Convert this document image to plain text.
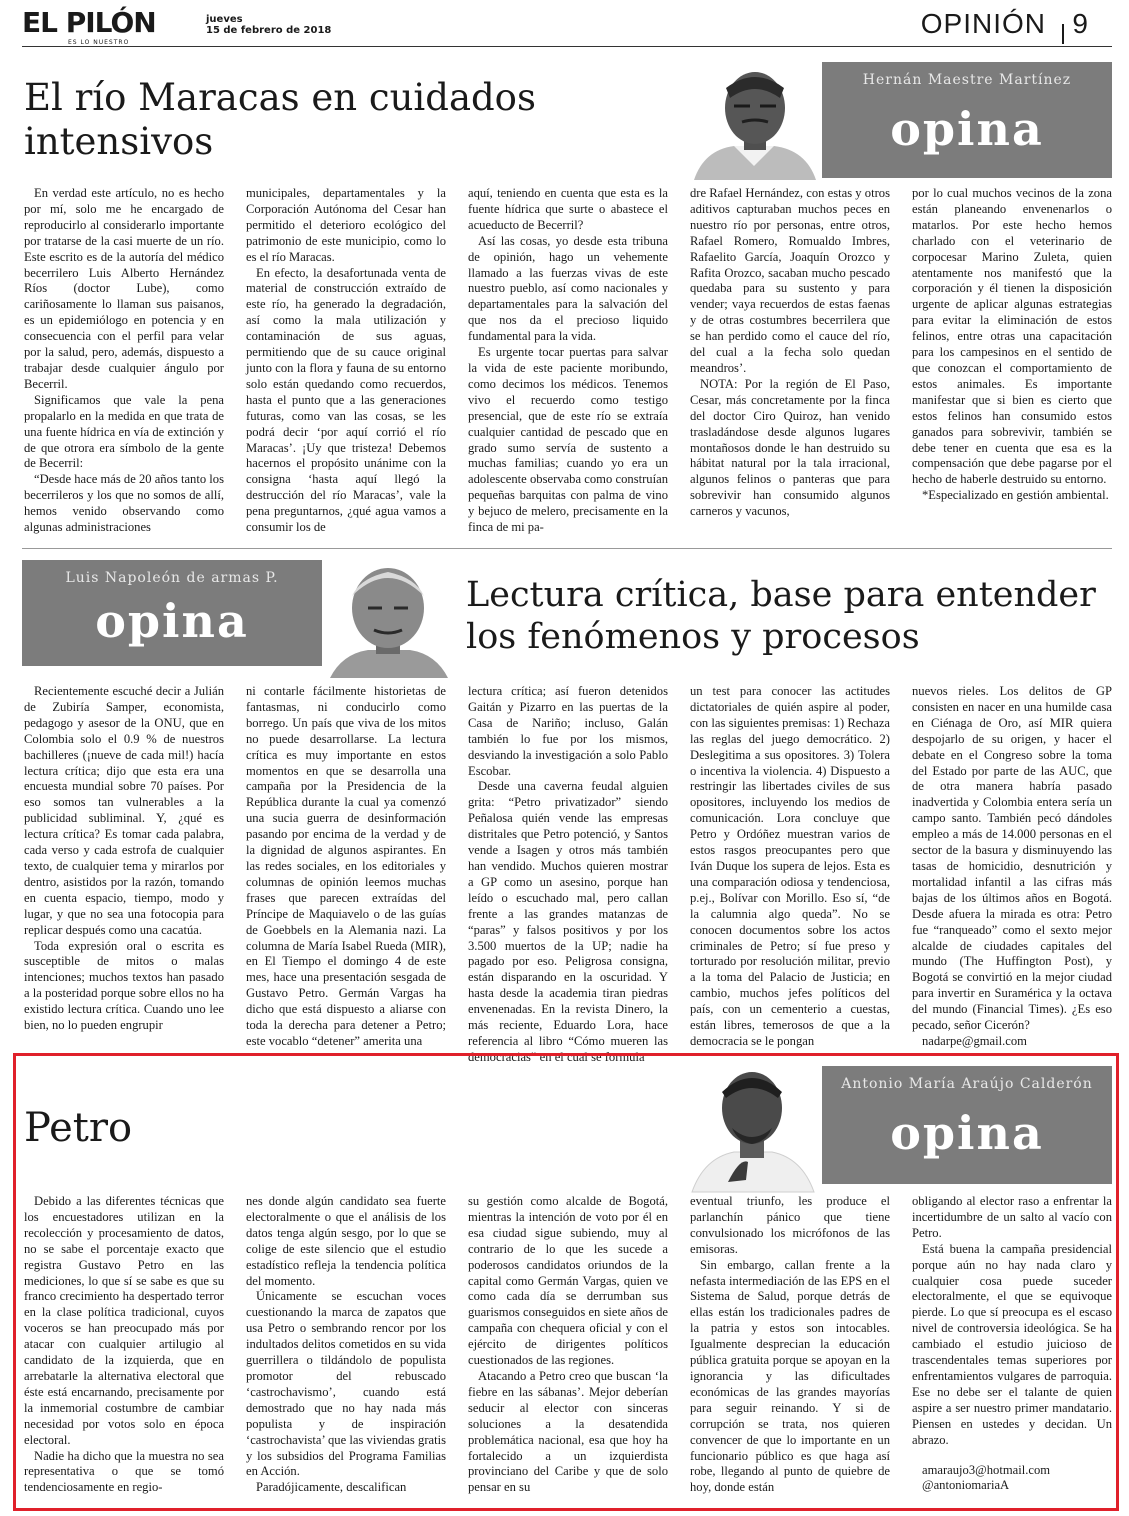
EL PILÓN
ES LO NUESTRO
jueves
15 de febrero de 2018	OPINIÓN 9
El río Maracas en cuidados intensivos
Hernán Maestre Martínez
opina

En verdad este artículo, no es hecho por mí, solo me he encargado de reproducirlo al considerarlo importante por tratarse de la casi muerte de un río. Este escrito es de la autoría del médico becerrilero Luis Alberto Hernández Ríos (doctor Lube), como cariñosamente lo llaman sus paisanos, es un epidemiólogo en potencia y en consecuencia con el perfil para velar por la salud, pero, además, dispuesto a trabajar desde cualquier ángulo por Becerril.

Significamos que vale la pena propalarlo en la medida en que trata de una fuente hídrica en vía de extinción y de que otrora era símbolo de la gente de Becerril:

“Desde hace más de 20 años tanto los becerrileros y los que no somos de allí, hemos venido observando como algunas administraciones

municipales, departamentales y la Corporación Autónoma del Cesar han permitido el deterioro ecológico del patrimonio de este municipio, como lo es el río Maracas.

En efecto, la desafortunada venta de material de construcción extraído de este río, ha generado la degradación, así como la mala utilización y contaminación de sus aguas, permitiendo que de su cauce original junto con la flora y fauna de su entorno solo están quedando como recuerdos, hasta el punto que a las generaciones futuras, como van las cosas, se les podrá decir ‘por aquí corrió el río Maracas’. ¡Uy que tristeza! Debemos hacernos el propósito unánime con la consigna ‘hasta aquí llegó la destrucción del río Maracas’, vale la pena preguntarnos, ¿qué agua vamos a consumir los de

aquí, teniendo en cuenta que esta es la fuente hídrica que surte o abastece el acueducto de Becerril?

Así las cosas, yo desde esta tribuna de opinión, hago un vehemente llamado a las fuerzas vivas de este nuestro pueblo, así como nacionales y departamentales para la salvación del que nos da el precioso liquido fundamental para la vida.

Es urgente tocar puertas para salvar la vida de este paciente moribundo, como decimos los médicos. Tenemos vivo el recuerdo como testigo presencial, que de este río se extraía cualquier cantidad de pescado que en grado sumo servía de sustento a muchas familias; cuando yo era un adolescente observaba como construían pequeñas barquitas con palma de vino y bejuco de melero, precisamente en la finca de mi pa-

dre Rafael Hernández, con estas y otros aditivos capturaban muchos peces en nuestro río por personas, entre otros, Rafael Romero, Romualdo Imbres, Rafaelito García, Joaquín Orozco y Rafita Orozco, sacaban mucho pescado quedaba para su sustento y para vender; vaya recuerdos de estas faenas y de otras costumbres becerrilera que se han perdido como el cauce del río, del cual a la fecha solo quedan meandros’.

NOTA: Por la región de El Paso, Cesar, más concretamente por la finca del doctor Ciro Quiroz, han venido trasladándose desde algunos lugares montañosos donde le han destruido su hábitat natural por la tala irracional, algunos felinos o panteras que para sobrevivir han consumido algunos carneros y vacunos,

por lo cual muchos vecinos de la zona están planeando envenenarlos o matarlos. Por este hecho hemos charlado con el veterinario de corpocesar Marino Zuleta, quien atentamente nos manifestó que la corporación y él tienen la disposición urgente de aplicar algunas estrategias para evitar la eliminación de estos felinos, entre otras una capacitación para los campesinos en el sentido de que conozcan el comportamiento de estos animales. Es importante manifestar que si bien es cierto que estos felinos han consumido estos ganados para sobrevivir, también se debe tener en cuenta que esa es la compensación que debe pagarse por el hecho de haberle destruido su entorno.

*Especializado en gestión ambiental.

Luis Napoleón de armas P.
opina	Lectura crítica, base para entender los fenómenos y procesos

Recientemente escuché decir a Julián de Zubiría Samper, economista, pedagogo y asesor de la ONU, que en Colombia solo el 0.9 % de nuestros bachilleres (¡nueve de cada mil!) hacía lectura crítica; dijo que esta era una encuesta mundial sobre 70 países. Por eso somos tan vulnerables a la publicidad subliminal. Y, ¿qué es lectura crítica? Es tomar cada palabra, cada verso y cada estrofa de cualquier texto, de cualquier tema y mirarlos por dentro, asistidos por la razón, tomando en cuenta espacio, tiempo, modo y lugar, y que no sea una fotocopia para replicar después como una cacatúa.

Toda expresión oral o escrita es susceptible de mitos o malas intenciones; muchos textos han pasado a la posteridad porque sobre ellos no ha existido lectura crítica. Cuando uno lee bien, no lo pueden engrupir

ni contarle fácilmente historietas de fantasmas, ni conducirlo como borrego. Un país que viva de los mitos no puede desarrollarse. La lectura crítica es muy importante en estos momentos en que se desarrolla una campaña por la Presidencia de la República durante la cual ya comenzó una sucia guerra de desinformación pasando por encima de la verdad y de la dignidad de algunos aspirantes. En las redes sociales, en los editoriales y columnas de opinión leemos muchas frases que parecen extraídas del Príncipe de Maquiavelo o de las guías de Goebbels en la Alemania nazi. La columna de María Isabel Rueda (MIR), en El Tiempo el domingo 4 de este mes, hace una presentación sesgada de Gustavo Petro. Germán Vargas ha dicho que está dispuesto a aliarse con toda la derecha para detener a Petro; este vocablo “detener” amerita una

lectura crítica; así fueron detenidos Gaitán y Pizarro en las puertas de la Casa de Nariño; incluso, Galán también lo fue por los mismos, desviando la investigación a solo Pablo Escobar.

Desde una caverna feudal alguien grita: “Petro privatizador” siendo Peñalosa quién vende las empresas distritales que Petro potenció, y Santos vende a Isagen y otros más también han vendido. Muchos quieren mostrar a GP como un asesino, porque han leído o escuchado mal, pero callan frente a las grandes matanzas de “paras” y falsos positivos y por los 3.500 muertos de la UP; nadie ha pagado por eso. Peligrosa consigna, están disparando en la oscuridad. Y hasta desde la academia tiran piedras envenenadas. En la revista Dinero, la más reciente, Eduardo Lora, hace referencia al libro “Cómo mueren las democracias” en el cual se formula

un test para conocer las actitudes dictatoriales de quién aspire al poder, con las siguientes premisas: 1) Rechaza las reglas del juego democrático. 2) Deslegitima a sus opositores. 3) Tolera o incentiva la violencia. 4) Dispuesto a restringir las libertades civiles de sus opositores, incluyendo los medios de comunicación. Lora concluye que Petro y Ordóñez muestran varios de estos rasgos preocupantes pero que Iván Duque los supera de lejos. Esta es una comparación odiosa y tendenciosa, p.ej., Bolívar con Morillo. Eso sí, “de la calumnia algo queda”. No se conocen documentos sobre los actos criminales de Petro; sí fue preso y torturado por resolución militar, previo a la toma del Palacio de Justicia; en cambio, muchos jefes políticos del país, con un cementerio a cuestas, están libres, temerosos de que a la democracia se le pongan

nuevos rieles. Los delitos de GP consisten en nacer en una humilde casa en Ciénaga de Oro, así MIR quiera despojarlo de su origen, y hacer el debate en el Congreso sobre la toma del Estado por parte de las AUC, que de otra manera habría pasado inadvertida y Colombia entera sería un campo santo. También pecó dándoles empleo a más de 14.000 personas en el sector de la basura y disminuyendo las tasas de homicidio, desnutrición y mortalidad infantil a las cifras más bajas de los últimos años en Bogotá. Desde afuera la mirada es otra: Petro fue “ranqueado” como el sexto mejor alcalde de ciudades capitales del mundo (The Huffington Post), y Bogotá se convirtió en la mejor ciudad para invertir en Suramérica y la octava del mundo (Financial Times). ¿Es eso pecado, señor Cicerón?

nadarpe@gmail.com

Petro
Antonio María Araújo Calderón
opina

Debido a las diferentes técnicas que los encuestadores utilizan en la recolección y procesamiento de datos, no se sabe el porcentaje exacto que registra Gustavo Petro en las mediciones, lo que sí se sabe es que su franco crecimiento ha despertado terror en la clase política tradicional, cuyos voceros se han preocupado más por atacar con cualquier artilugio al candidato de la izquierda, que en arrebatarle la alternativa electoral que éste está encarnando, precisamente por la inmemorial costumbre de cambiar necesidad por votos solo en época electoral.

Nadie ha dicho que la muestra no sea representativa o que se tomó tendenciosamente en regio-

nes donde algún candidato sea fuerte electoralmente o que el análisis de los datos tenga algún sesgo, por lo que se colige de este silencio que el estudio estadístico refleja la tendencia política del momento.

Únicamente se escuchan voces cuestionando la marca de zapatos que usa Petro o sembrando rencor por los indultados delitos cometidos en su vida guerrillera o tildándolo de populista promotor del rebuscado ‘castrochavismo’, cuando está demostrado que no hay nada más populista y de inspiración ‘castrochavista’ que las viviendas gratis y los subsidios del Programa Familias en Acción.

Paradójicamente, descalifican

su gestión como alcalde de Bogotá, mientras la intención de voto por él en esa ciudad sigue subiendo, muy al contrario de lo que les sucede a poderosos candidatos oriundos de la capital como Germán Vargas, quien ve como cada día se derrumban sus guarismos conseguidos en siete años de campaña con chequera oficial y con el ejército de dirigentes políticos cuestionados de las regiones.

Atacando a Petro creo que buscan ‘la fiebre en las sábanas’. Mejor deberían seducir al elector con sinceras soluciones a la desatendida problemática nacional, esa que hoy ha fortalecido a un izquierdista provinciano del Caribe y que de solo pensar en su

eventual triunfo, les produce el parlanchín pánico que tiene convulsionado los micrófonos de las emisoras.

Sin embargo, callan frente a la nefasta intermediación de las EPS en el Sistema de Salud, porque detrás de ellas están los tradicionales padres de la patria y estos son intocables. Igualmente desprecian la educación pública gratuita porque se apoyan en la ignorancia y las dificultades económicas de las grandes mayorías para seguir reinando. Y si de corrupción se trata, nos quieren convencer de que lo importante en un funcionario público es que haga así robe, llegando al punto de quiebre de hoy, donde están

obligando al elector raso a enfrentar la incertidumbre de un salto al vacío con Petro.

Está buena la campaña presidencial porque aún no hay nada claro y cualquier cosa puede suceder electoralmente, el que se equivoque pierde. Lo que sí preocupa es el escaso nivel de controversia ideológica. Se ha cambiado el estudio juicioso de trascendentales temas superiores por enfrentamientos vulgares de parroquia. Ese no debe ser el talante de quien aspire a ser nuestro primer mandatario. Piensen en ustedes y decidan. Un abrazo.

amaraujo3@hotmail.com

@antoniomariaA
